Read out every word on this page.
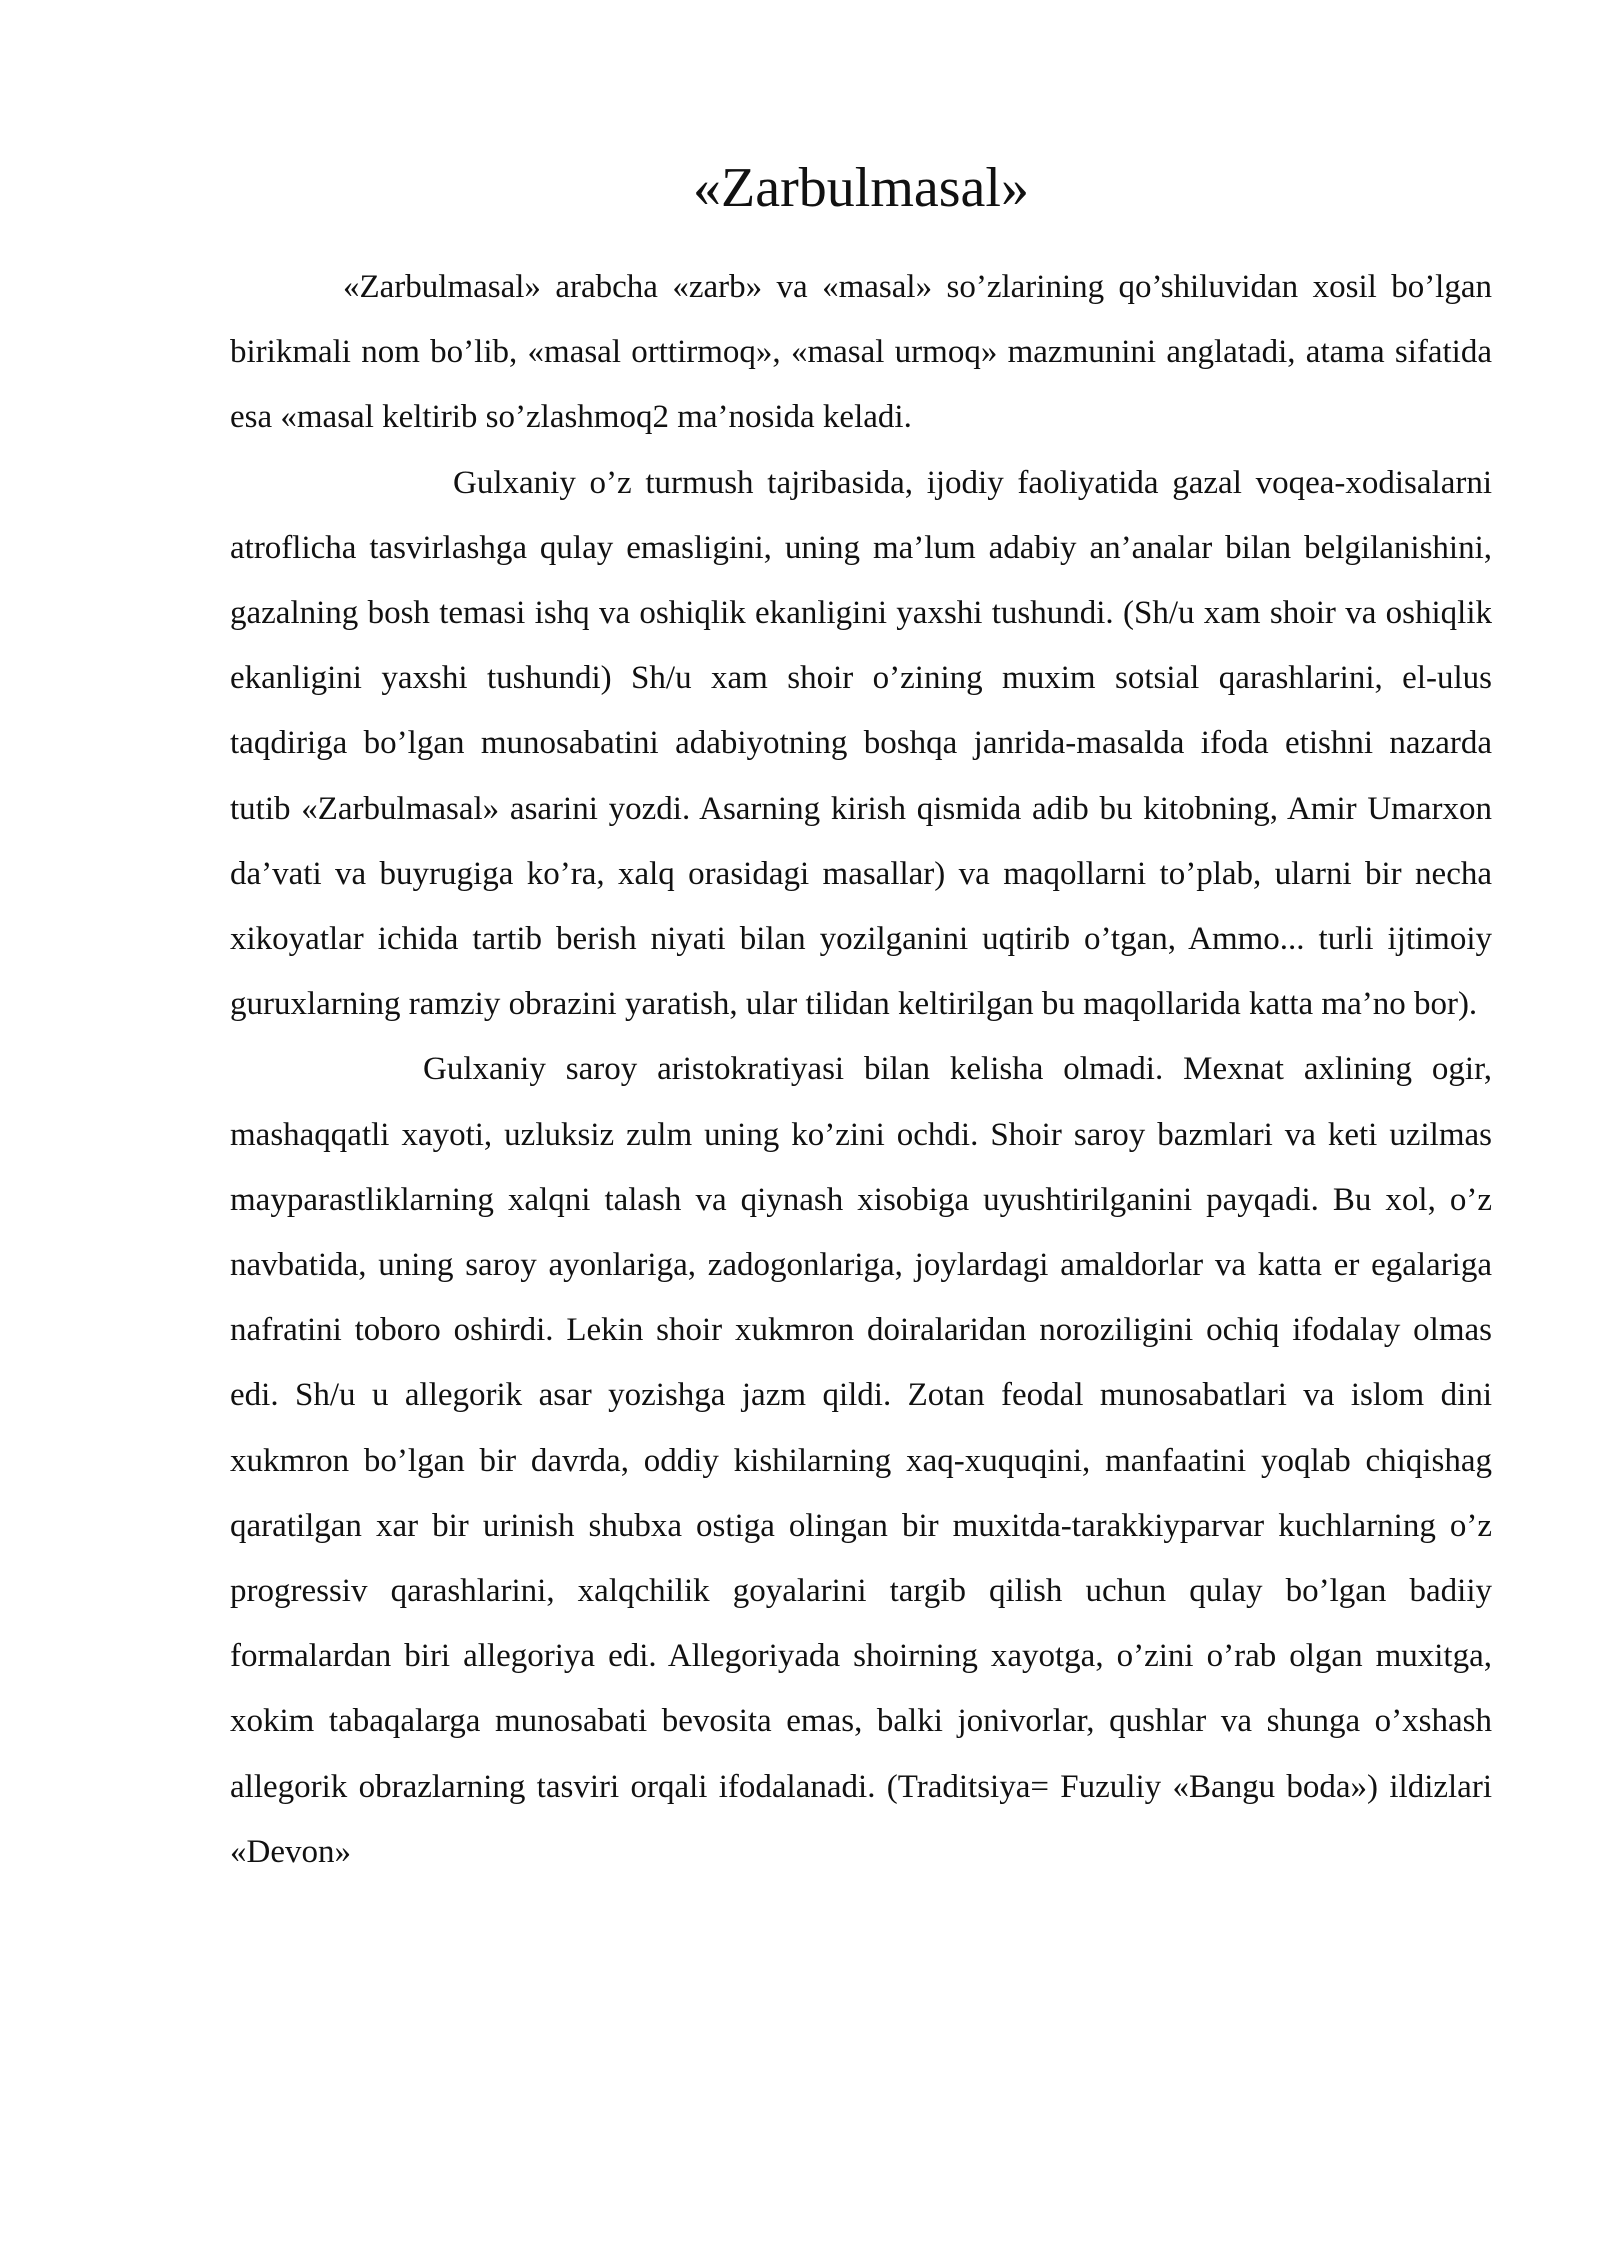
«Zarbulmasal»

«Zarbulmasal» arabcha «zarb» va «masal» so’zlarining qo’shiluvidan xosil bo’lgan birikmali nom bo’lib, «masal orttirmoq», «masal urmoq» mazmunini anglatadi, atama sifatida esa «masal keltirib so’zlashmoq2 ma’nosida keladi.

Gulxaniy o’z turmush tajribasida, ijodiy faoliyatida gazal voqea-xodisalarni atroflicha tasvirlashga qulay emasligini, uning ma’lum adabiy an’analar bilan belgilanishini, gazalning bosh temasi ishq va oshiqlik ekanligini yaxshi tushundi. (Sh/u xam shoir va oshiqlik ekanligini yaxshi tushundi) Sh/u xam shoir o’zining muxim sotsial qarashlarini, el-ulus taqdiriga bo’lgan munosabatini adabiyotning boshqa janrida-masalda ifoda etishni nazarda tutib «Zarbulmasal» asarini yozdi. Asarning kirish qismida adib bu kitobning, Amir Umarxon da’vati va buyrugiga ko’ra, xalq orasidagi masallar) va maqollarni to’plab, ularni bir necha xikoyatlar ichida tartib berish niyati bilan yozilganini uqtirib o’tgan, Ammo... turli ijtimoiy guruxlarning ramziy obrazini yaratish, ular tilidan keltirilgan bu maqollarida katta ma’no bor).

Gulxaniy saroy aristokratiyasi bilan kelisha olmadi. Mexnat axlining ogir, mashaqqatli xayoti, uzluksiz zulm uning ko’zini ochdi. Shoir saroy bazmlari va keti uzilmas mayparastliklarning xalqni talash va qiynash xisobiga uyushtirilganini payqadi. Bu xol, o’z navbatida, uning saroy ayonlariga, zadogonlariga, joylardagi amaldorlar va katta er egalariga nafratini toboro oshirdi. Lekin shoir xukmron doiralaridan noroziligini ochiq ifodalay olmas edi. Sh/u u allegorik asar yozishga jazm qildi. Zotan feodal munosabatlari va islom dini xukmron bo’lgan bir davrda, oddiy kishilarning xaq-xuquqini, manfaatini yoqlab chiqishag qaratilgan xar bir urinish shubxa ostiga olingan bir muxitda-tarakkiyparvar kuchlarning o’z progressiv qarashlarini, xalqchilik goyalarini targib qilish uchun qulay bo’lgan badiiy formalardan biri allegoriya edi. Allegoriyada shoirning xayotga, o’zini o’rab olgan muxitga, xokim tabaqalarga munosabati bevosita emas, balki jonivorlar, qushlar va shunga o’xshash allegorik obrazlarning tasviri orqali ifodalanadi. (Traditsiya= Fuzuliy «Bangu boda») ildizlari «Devon»
